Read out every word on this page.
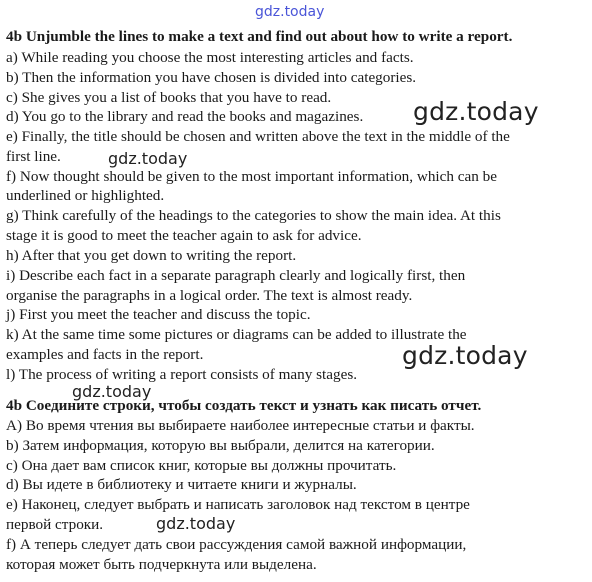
gdz.today
4b Unjumble the lines to make a text and find out about how to write a report.
a) While reading you choose the most interesting articles and facts.
b) Then the information you have chosen is divided into categories.
c) She gives you a list of books that you have to read.
d) You go to the library and read the books and magazines.
e) Finally, the title should be chosen and written above the text in the middle of the
first line.
f) Now thought should be given to the most important information, which can be
underlined or highlighted.
g) Think carefully of the headings to the categories to show the main idea. At this
stage it is good to meet the teacher again to ask for advice.
h) After that you get down to writing the report.
i) Describe each fact in a separate paragraph clearly and logically first, then
organise the paragraphs in a logical order. The text is almost ready.
j) First you meet the teacher and discuss the topic.
k) At the same time some pictures or diagrams can be added to illustrate the
examples and facts in the report.
l) The process of writing a report consists of many stages.
4b Соедините строки, чтобы создать текст и узнать как писать отчет.
A) Во время чтения вы выбираете наиболее интересные статьи и факты.
b) Затем информация, которую вы выбрали, делится на категории.
c) Она дает вам список книг, которые вы должны прочитать.
d) Вы идете в библиотеку и читаете книги и журналы.
e) Наконец, следует выбрать и написать заголовок над текстом в центре
первой строки.
f) А теперь следует дать свои рассуждения самой важной информации,
которая может быть подчеркнута или выделена.
gdz.today
gdz.today
gdz.today
gdz.today
gdz.today
